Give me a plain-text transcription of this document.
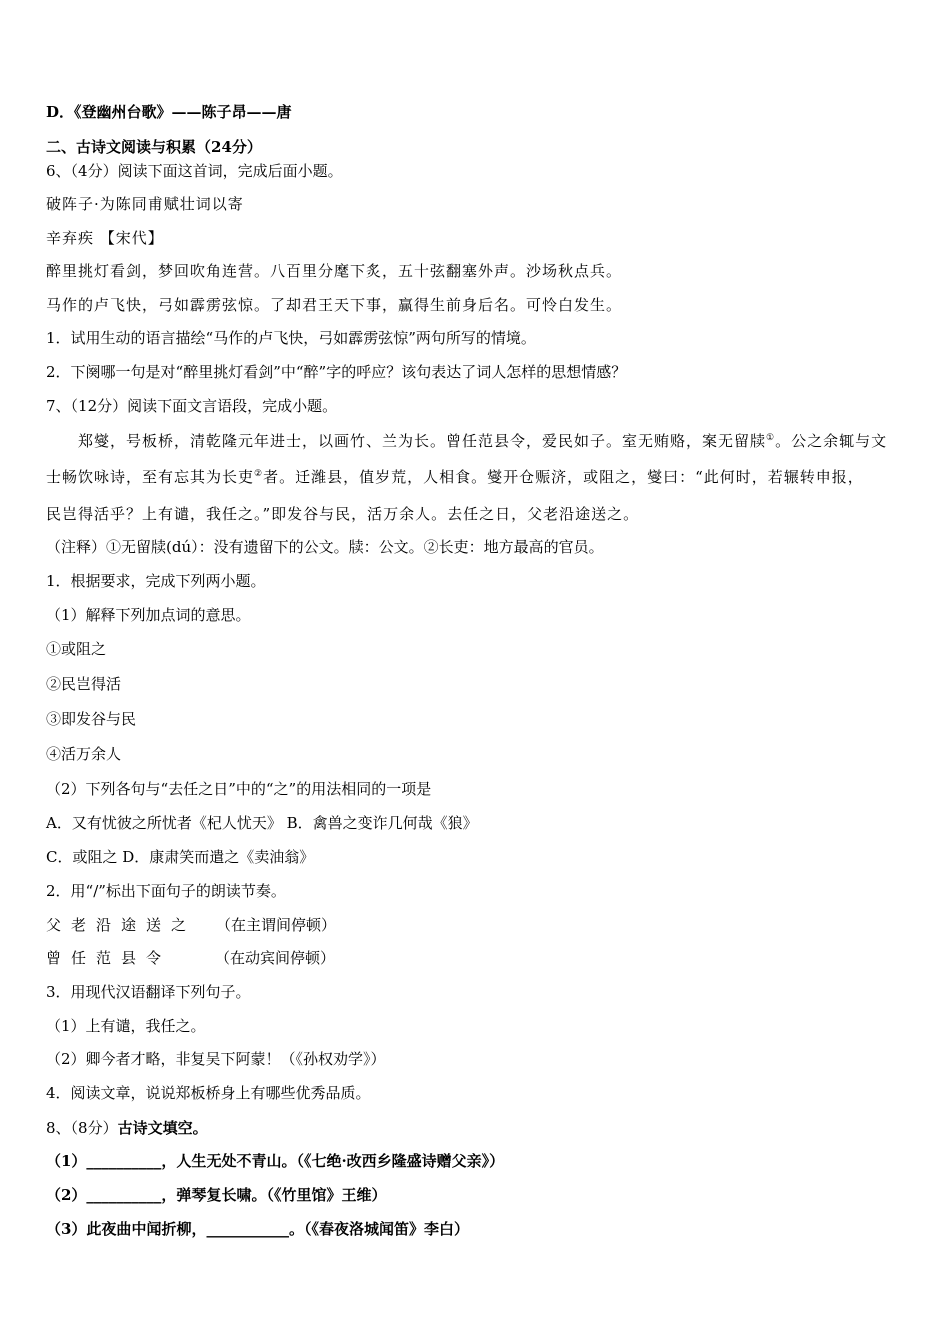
D．《登幽州台歌》——陈子昂——唐
二、古诗文阅读与积累（24分）
6、（4分）阅读下面这首词，完成后面小题。
破阵子·为陈同甫赋壮词以寄
辛弃疾 【宋代】
醉里挑灯看剑，梦回吹角连营。八百里分麾下炙，五十弦翻塞外声。沙场秋点兵。
马作的卢飞快，弓如霹雳弦惊。了却君王天下事，赢得生前身后名。可怜白发生。
1．试用生动的语言描绘“马作的卢飞快，弓如霹雳弦惊”两句所写的情境。
2．下阕哪一句是对“醉里挑灯看剑”中“醉”字的呼应？该句表达了词人怎样的思想情感？
7、（12分）阅读下面文言语段，完成小题。
郑燮，号板桥，清乾隆元年进士，以画竹、兰为长。曾任范县令，爱民如子。室无贿赂，案无留牍①。公之余辄与文
士畅饮咏诗，至有忘其为长吏②者。迁潍县，值岁荒，人相食。燮开仓赈济，或阻之，燮曰：“此何时，若辗转申报，
民岂得活乎？上有谴，我任之。”即发谷与民，活万余人。去任之日，父老沿途送之。
（注释）①无留牍(dú）：没有遗留下的公文。牍：公文。②长吏：地方最高的官员。
1．根据要求，完成下列两小题。
（1）解释下列加点词的意思。
①或阻之
②民岂得活
③即发谷与民
④活万余人
（2）下列各句与“去任之日”中的“之”的用法相同的一项是
A．又有忧彼之所忧者《杞人忧天》 B．禽兽之变诈几何哉《狼》
C．或阻之 D．康肃笑而遣之《卖油翁》
2．用“/”标出下面句子的朗读节奏。
父老沿途送之 （在主谓间停顿）
曾任范县令	（在动宾间停顿）
3．用现代汉语翻译下列句子。
（1）上有谴，我任之。
（2）卿今者才略，非复吴下阿蒙！（《孙权劝学》）
4．阅读文章，说说郑板桥身上有哪些优秀品质。
8、（8分）古诗文填空。
（1）__________，人生无处不青山。（《七绝·改西乡隆盛诗赠父亲》）
（2）__________，弹琴复长啸。（《竹里馆》王维）
（3）此夜曲中闻折柳，___________。（《春夜洛城闻笛》李白）
